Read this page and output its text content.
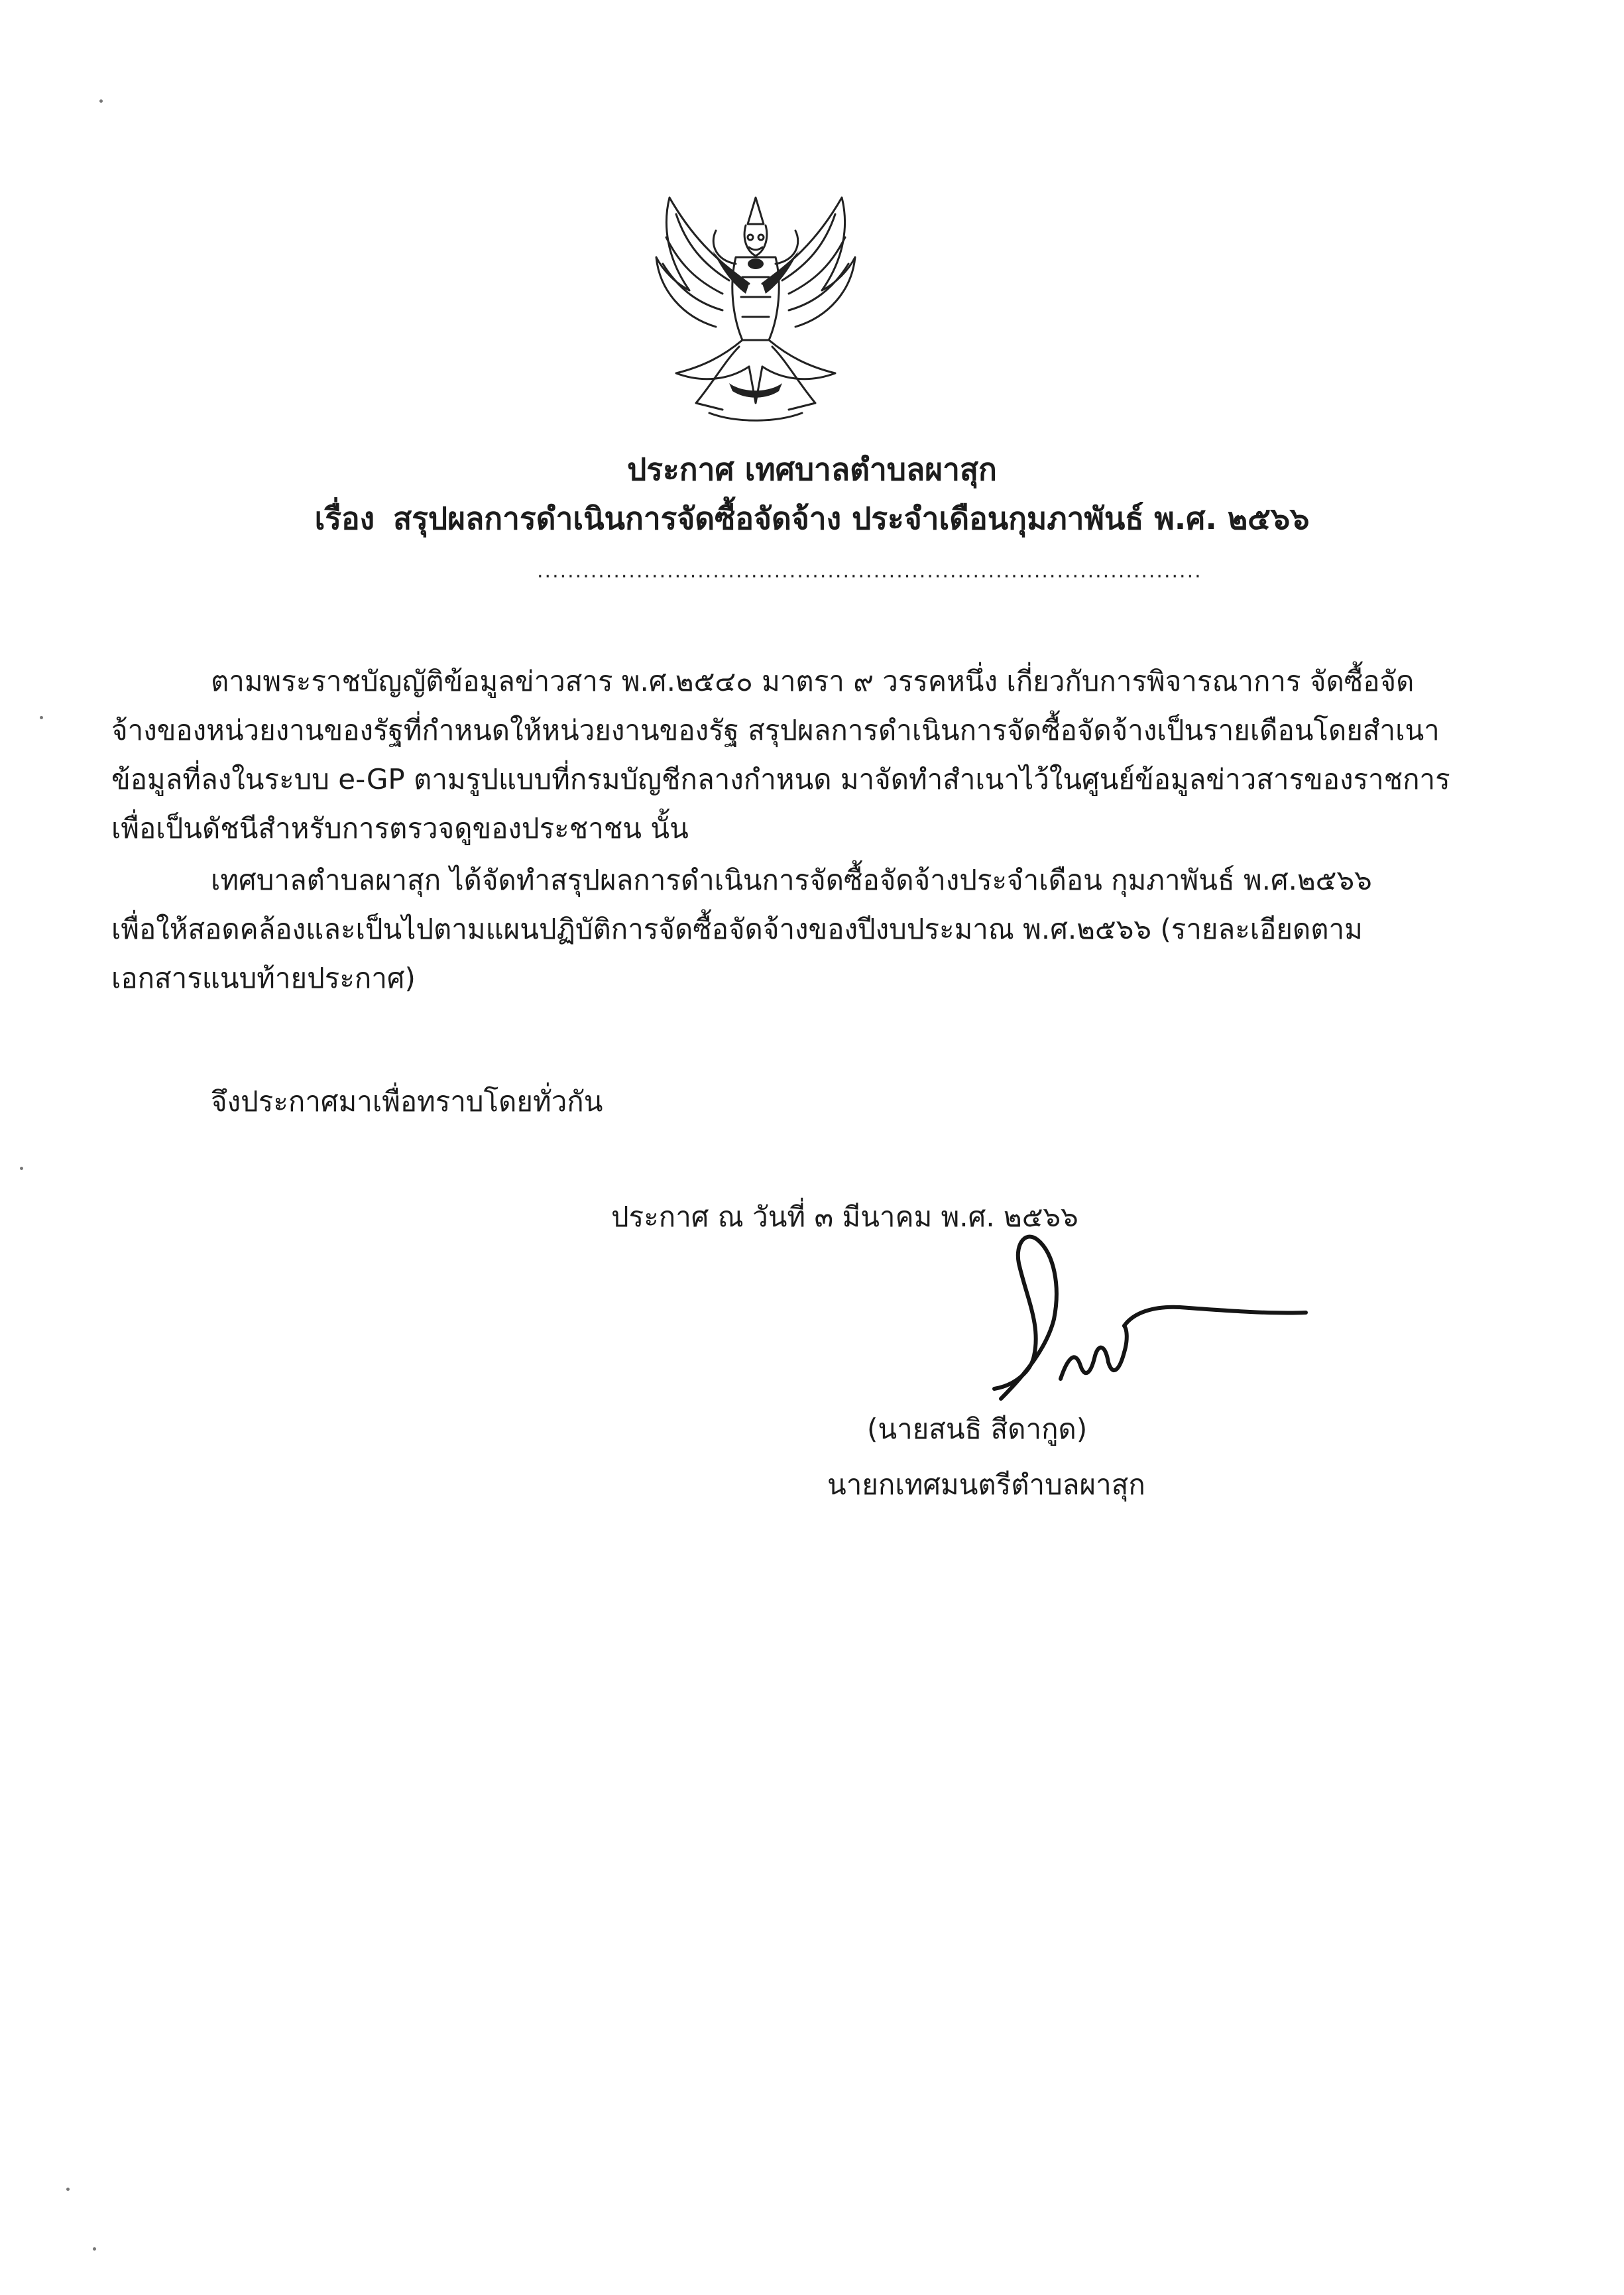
ประกาศ เทศบาลตำบลผาสุก
เรื่อง สรุปผลการดำเนินการจัดซื้อจัดจ้าง ประจำเดือนกุมภาพันธ์ พ.ศ. ๒๕๖๖
.......................................................................................
ตามพระราชบัญญัติข้อมูลข่าวสาร พ.ศ.๒๕๔๐ มาตรา ๙ วรรคหนึ่ง เกี่ยวกับการพิจารณาการ จัดซื้อจัด
จ้างของหน่วยงานของรัฐที่กำหนดให้หน่วยงานของรัฐ สรุปผลการดำเนินการจัดซื้อจัดจ้างเป็นรายเดือนโดยสำเนา
ข้อมูลที่ลงในระบบ e-GP ตามรูปแบบที่กรมบัญชีกลางกำหนด มาจัดทำสำเนาไว้ในศูนย์ข้อมูลข่าวสารของราชการ
เพื่อเป็นดัชนีสำหรับการตรวจดูของประชาชน นั้น
เทศบาลตำบลผาสุก ได้จัดทำสรุปผลการดำเนินการจัดซื้อจัดจ้างประจำเดือน กุมภาพันธ์ พ.ศ.๒๕๖๖
เพื่อให้สอดคล้องและเป็นไปตามแผนปฏิบัติการจัดซื้อจัดจ้างของปีงบประมาณ พ.ศ.๒๕๖๖ (รายละเอียดตาม
เอกสารแนบท้ายประกาศ)
จึงประกาศมาเพื่อทราบโดยทั่วกัน
ประกาศ ณ วันที่ ๓ มีนาคม พ.ศ. ๒๕๖๖
(นายสนธิ สีดากูด)
นายกเทศมนตรีตำบลผาสุก
